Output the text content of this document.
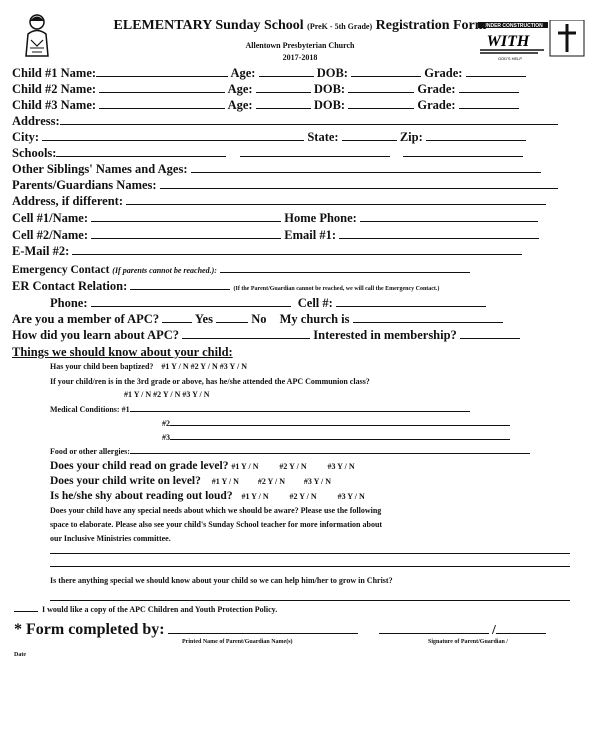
UNDER CONSTRUCTION
WITH
GOD'S HELP
ELEMENTARY Sunday School (PreK - 5th Grade) Registration Form
Allentown Presbyterian Church
2017-2018
Child #1 Name:	Age:	DOB:	Grade:
Child #2 Name:	Age:	DOB:	Grade:
Child #3 Name:	Age:	DOB:	Grade:
Address:
City:	State:	Zip:
Schools:
Other Siblings' Names and Ages:
Parents/Guardians Names:
Address, if different:
Cell #1/Name:	Home Phone:
Cell #2/Name:	Email #1:
E-Mail #2:
Emergency Contact (If parents cannot be reached.):
ER Contact Relation:	(If the Parent/Guardian cannot be reached, we will call the Emergency Contact.)
Phone:	Cell #:
Are you a member of APC?	Yes	No My church is
How did you learn about APC?	Interested in membership?
Things we should know about your child:
Has your child been baptized? #1 Y / N #2 Y / N #3 Y / N
If your child/ren is in the 3rd grade or above, has he/she attended the APC Communion class?
#1 Y / N #2 Y / N #3 Y / N
Medical Conditions: #1
#2
#3
Food or other allergies:
Does your child read on grade level? #1 Y / N	#2 Y / N	#3 Y / N
Does your child write on level? #1 Y / N #2 Y / N #3 Y / N
Is he/she shy about reading out loud? #1 Y / N	#2 Y / N	#3 Y / N
Does your child have any special needs about which we should be aware? Please use the following
space to elaborate. Please also see your child's Sunday School teacher for more information about
our Inclusive Ministries committee.
Is there anything special we should know about your child so we can help him/her to grow in Christ?
I would like a copy of the APC Children and Youth Protection Policy.
* Form completed by:	/
Printed Name of Parent/Guardian Name(s)	Signature of Parent/Guardian /
Date
